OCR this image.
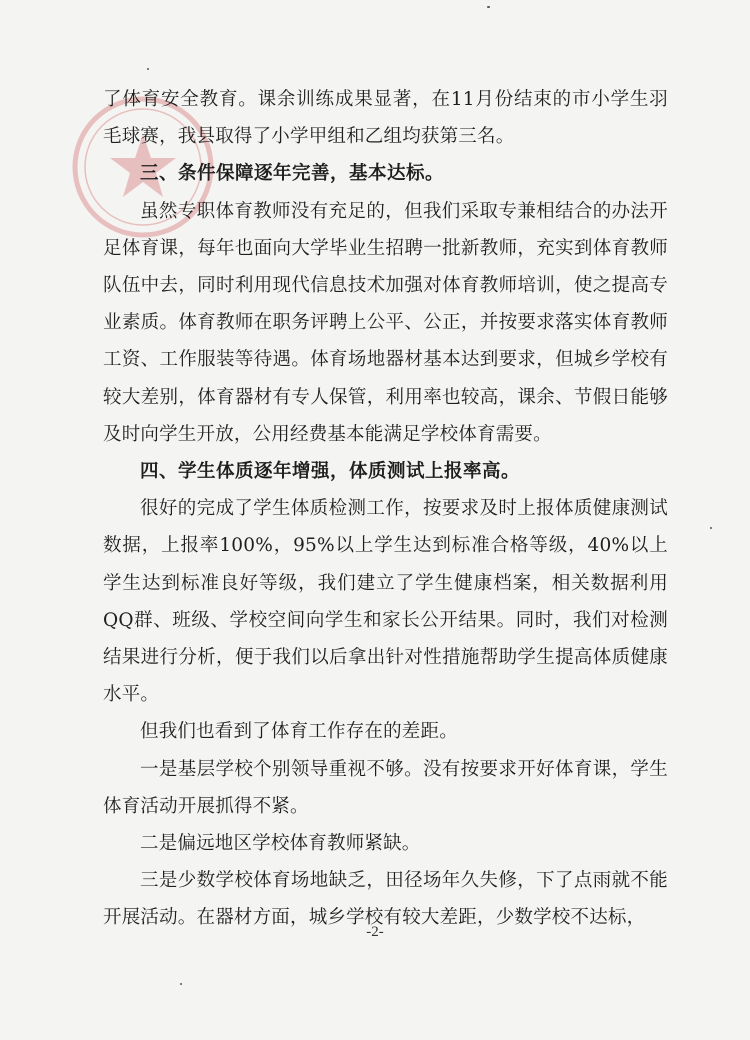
了体育安全教育。课余训练成果显著，在11月份结束的市小学生羽毛球赛，我县取得了小学甲组和乙组均获第三名。

三、条件保障逐年完善，基本达标。

虽然专职体育教师没有充足的，但我们采取专兼相结合的办法开足体育课，每年也面向大学毕业生招聘一批新教师，充实到体育教师队伍中去，同时利用现代信息技术加强对体育教师培训，使之提高专业素质。体育教师在职务评聘上公平、公正，并按要求落实体育教师工资、工作服装等待遇。体育场地器材基本达到要求，但城乡学校有较大差别，体育器材有专人保管，利用率也较高，课余、节假日能够及时向学生开放，公用经费基本能满足学校体育需要。

四、学生体质逐年增强，体质测试上报率高。

很好的完成了学生体质检测工作，按要求及时上报体质健康测试数据，上报率100%，95%以上学生达到标准合格等级，40%以上学生达到标准良好等级，我们建立了学生健康档案，相关数据利用QQ群、班级、学校空间向学生和家长公开结果。同时，我们对检测结果进行分析，便于我们以后拿出针对性措施帮助学生提高体质健康水平。

但我们也看到了体育工作存在的差距。

一是基层学校个别领导重视不够。没有按要求开好体育课，学生体育活动开展抓得不紧。

二是偏远地区学校体育教师紧缺。

三是少数学校体育场地缺乏，田径场年久失修，下了点雨就不能开展活动。在器材方面，城乡学校有较大差距，少数学校不达标，

-2-
